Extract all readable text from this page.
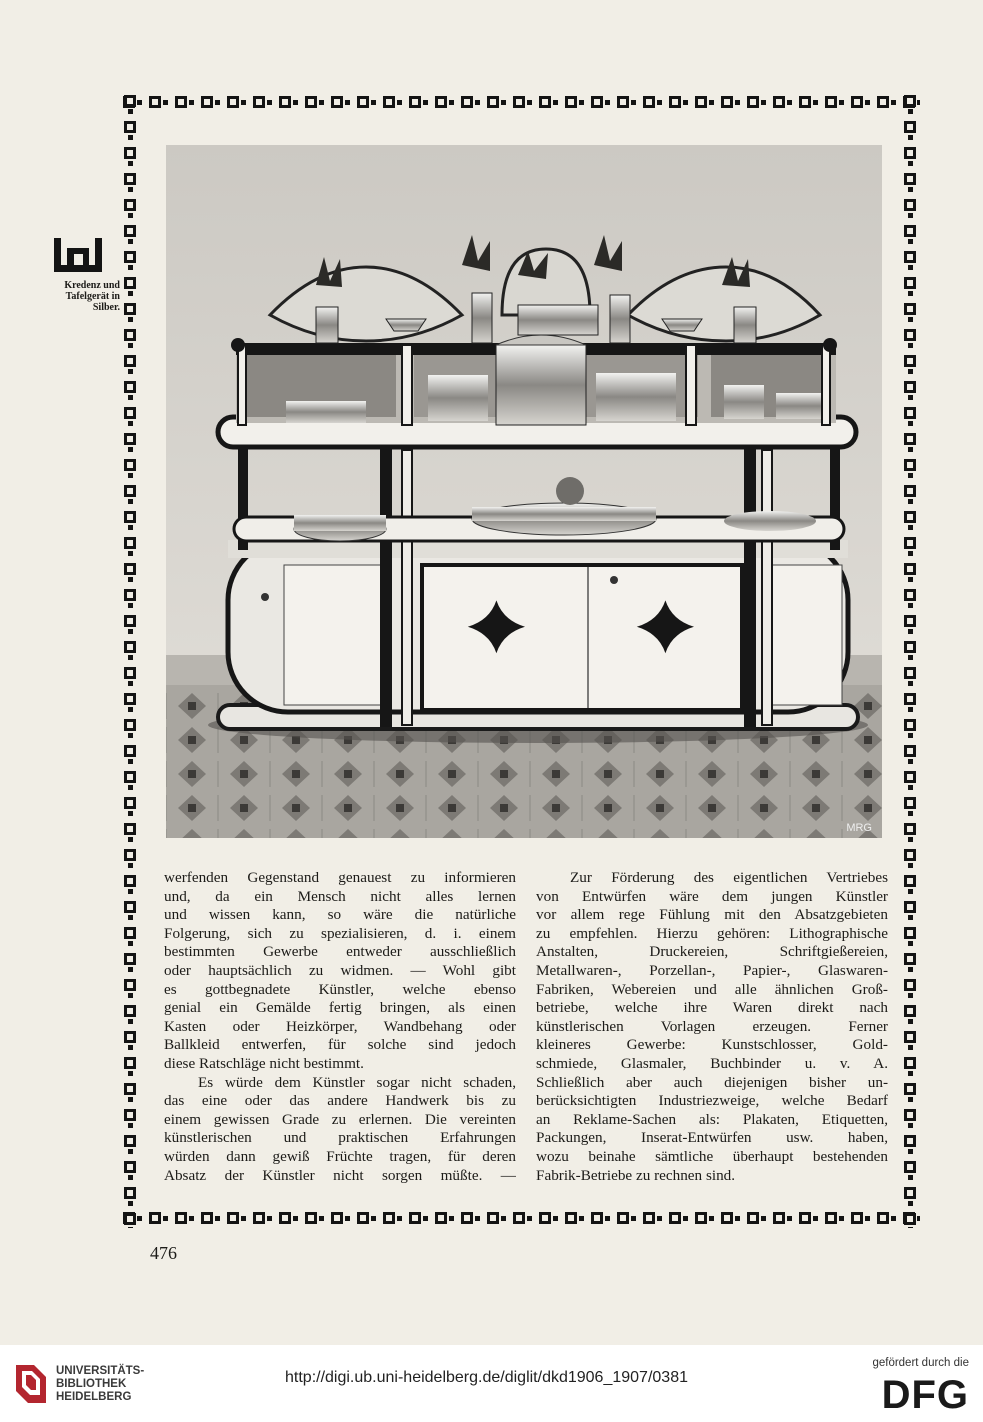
Kredenz und
Tafelgerät in
Silber.
MRG
werfenden Gegenstand genauest zu informieren
und, da ein Mensch nicht alles lernen
und wissen kann, so wäre die natürliche
Folgerung, sich zu spezialisieren, d. i. einem
bestimmten Gewerbe entweder ausschließlich
oder hauptsächlich zu widmen. — Wohl gibt
es gottbegnadete Künstler, welche ebenso
genial ein Gemälde fertig bringen, als einen
Kasten oder Heizkörper, Wandbehang oder
Ballkleid entwerfen, für solche sind jedoch
diese Ratschläge nicht bestimmt.
Es würde dem Künstler sogar nicht schaden,
das eine oder das andere Handwerk bis zu
einem gewissen Grade zu erlernen. Die vereinten
künstlerischen und praktischen Erfahrungen
würden dann gewiß Früchte tragen, für deren
Absatz der Künstler nicht sorgen müßte. —
Zur Förderung des eigentlichen Vertriebes
von Entwürfen wäre dem jungen Künstler
vor allem rege Fühlung mit den Absatzgebieten
zu empfehlen. Hierzu gehören: Lithographische
Anstalten, Druckereien, Schriftgießereien,
Metallwaren-, Porzellan-, Papier-, Glaswaren-
Fabriken, Webereien und alle ähnlichen Groß-
betriebe, welche ihre Waren direkt nach
künstlerischen Vorlagen erzeugen. Ferner
kleineres Gewerbe: Kunstschlosser, Gold-
schmiede, Glasmaler, Buchbinder u. v. A.
Schließlich aber auch diejenigen bisher un-
berücksichtigten Industriezweige, welche Bedarf
an Reklame-Sachen als: Plakaten, Etiquetten,
Packungen, Inserat-Entwürfen usw. haben,
wozu beinahe sämtliche überhaupt bestehenden
Fabrik-Betriebe zu rechnen sind.
476
UNIVERSITÄTS-
BIBLIOTHEK
HEIDELBERG
http://digi.ub.uni-heidelberg.de/diglit/dkd1906_1907/0381
gefördert durch die
DFG
